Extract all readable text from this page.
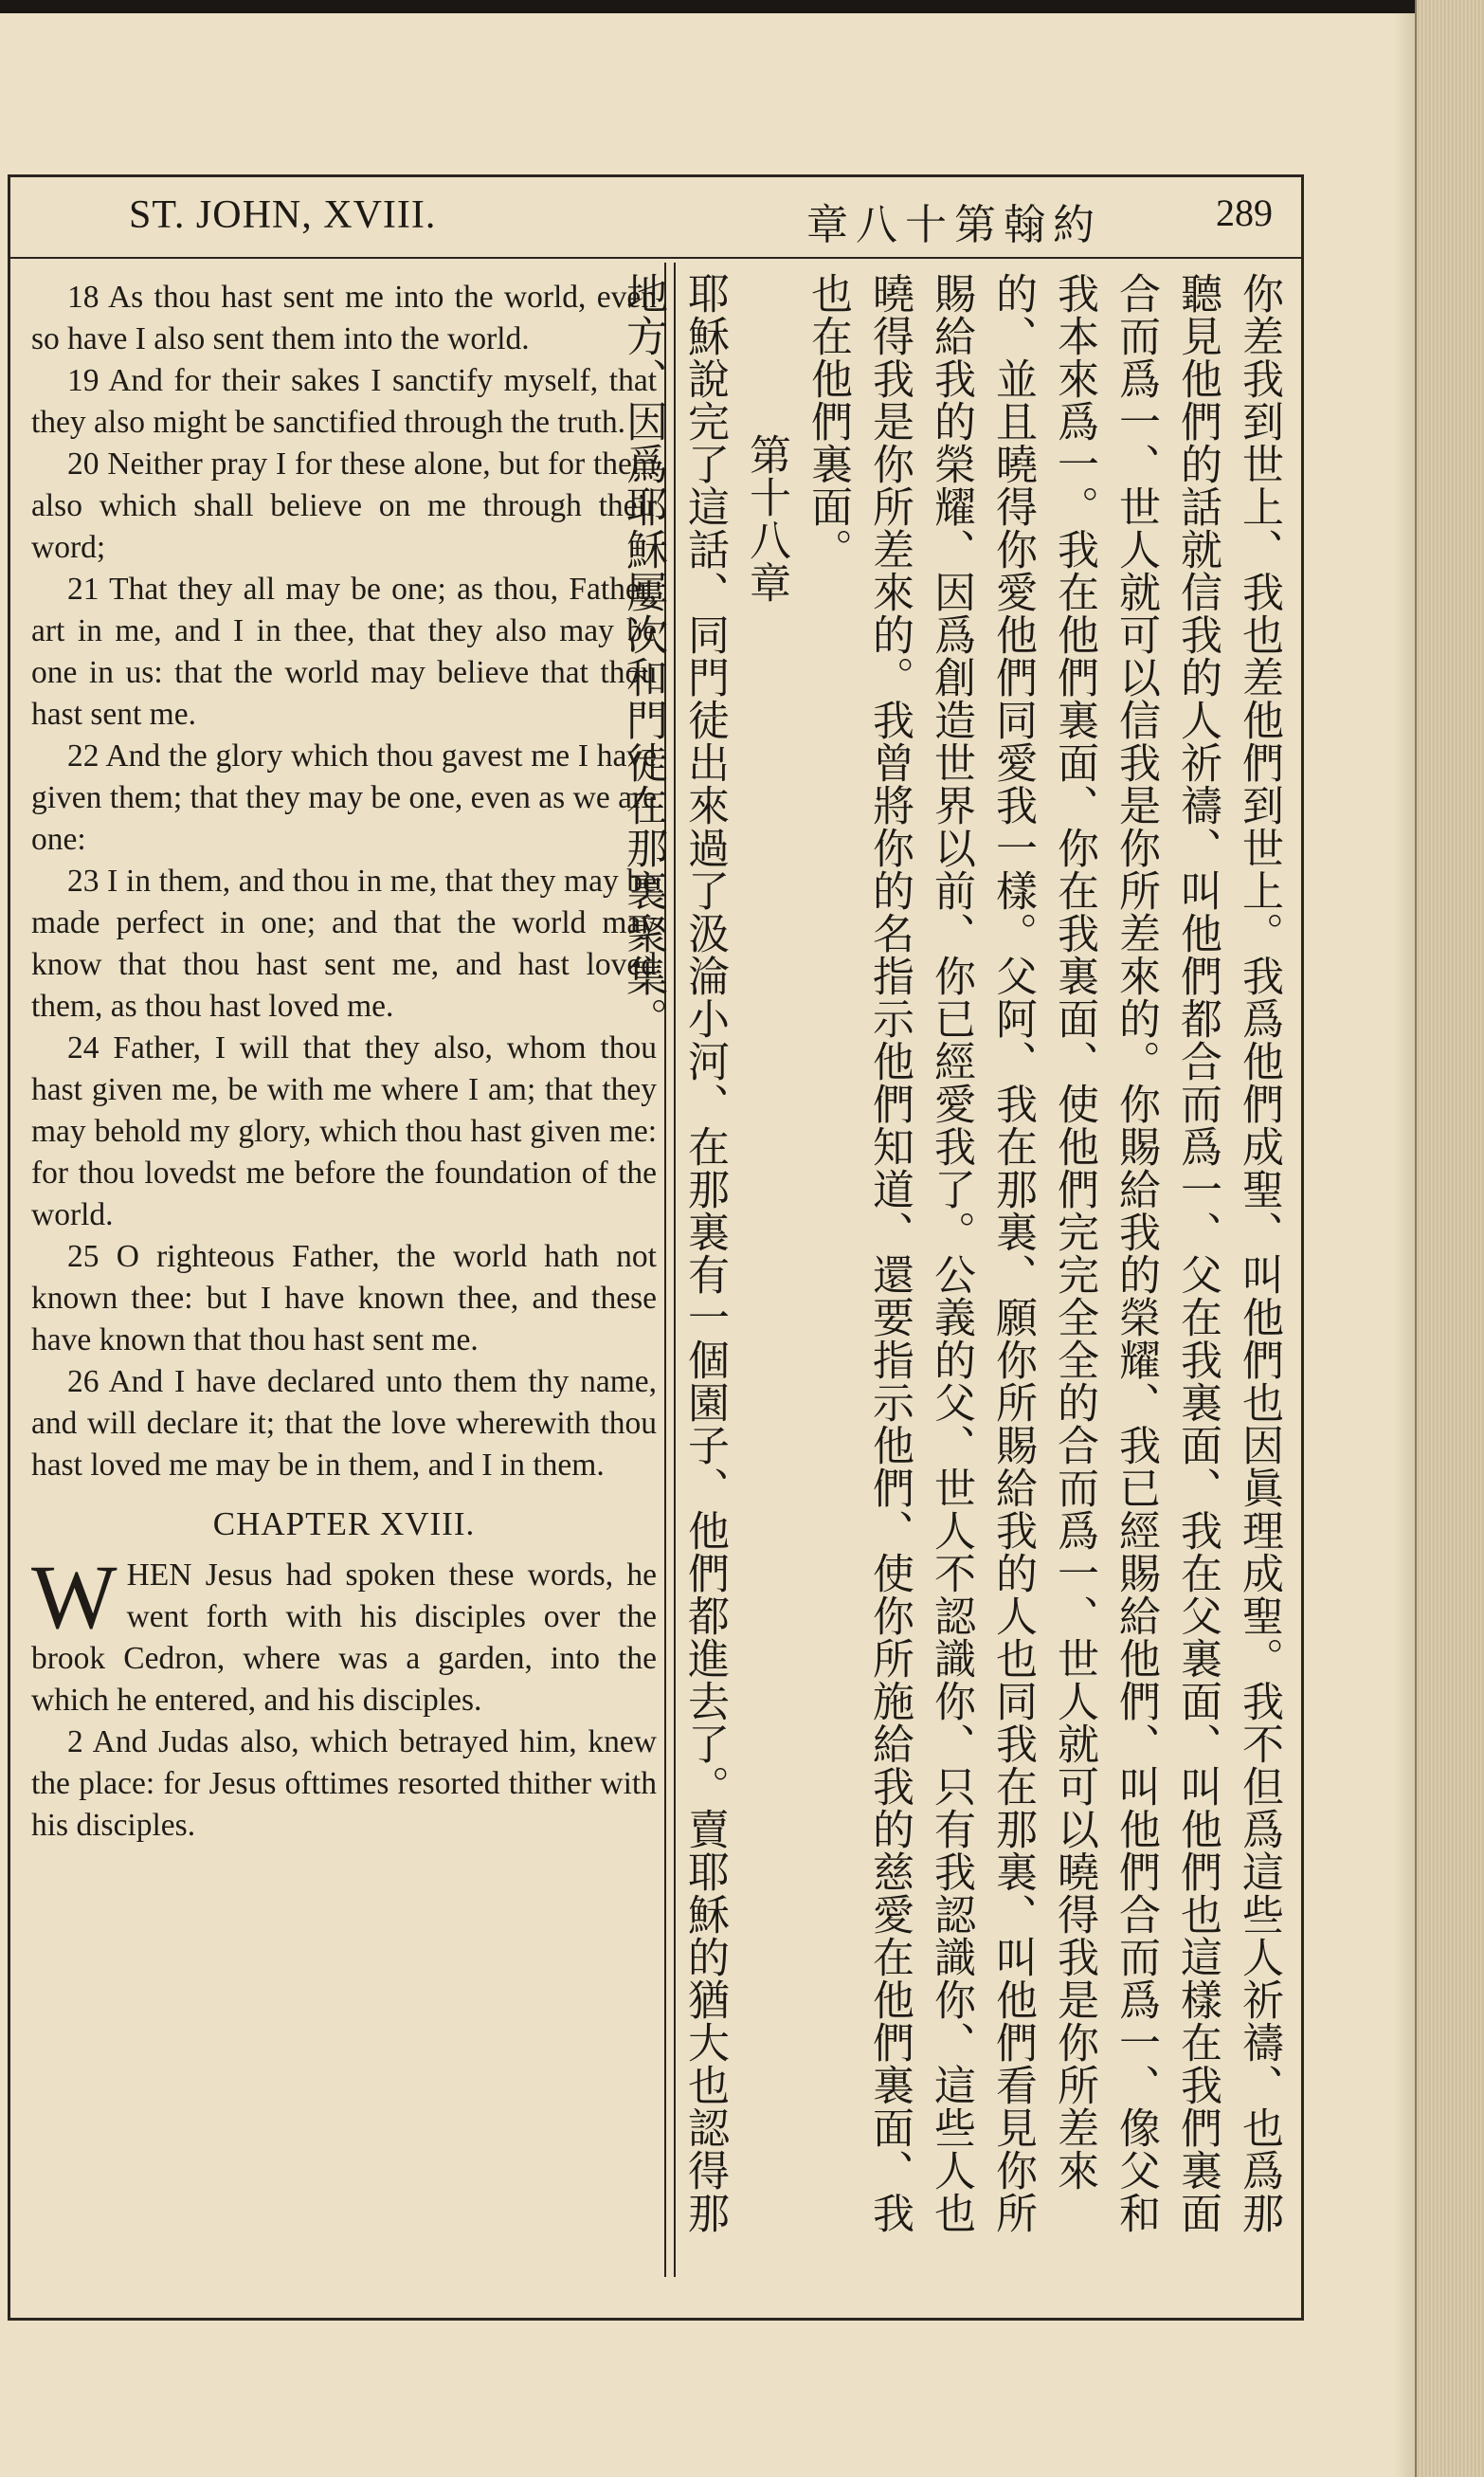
ST. JOHN, XVIII.	章八十第翰約	289

18 As thou hast sent me into the world, even so have I also sent them into the world.

19 And for their sakes I sanctify myself, that they also might be sanctified through the truth.

20 Neither pray I for these alone, but for them also which shall believe on me through their word;

21 That they all may be one; as thou, Father, art in me, and I in thee, that they also may be one in us: that the world may believe that thou hast sent me.

22 And the glory which thou gavest me I have given them; that they may be one, even as we are one:

23 I in them, and thou in me, that they may be made perfect in one; and that the world may know that thou hast sent me, and hast loved them, as thou hast loved me.

24 Father, I will that they also, whom thou hast given me, be with me where I am; that they may behold my glory, which thou hast given me: for thou lovedst me before the foundation of the world.

25 O righteous Father, the world hath not known thee: but I have known thee, and these have known that thou hast sent me.

26 And I have declared unto them thy name, and will declare it; that the love wherewith thou hast loved me may be in them, and I in them.

CHAPTER XVIII.

WHEN Jesus had spoken these words, he went forth with his disciples over the brook Cedron, where was a garden, into the which he entered, and his disciples.

2 And Judas also, which betrayed him, knew the place: for Jesus ofttimes resorted thither with his disciples.	你差我到世上、我也差他們到世上。我爲他們成聖、叫他們也因眞理成聖。我不但爲這些人祈禱、也爲那聽見他們的話就信我的人祈禱、叫他們都合而爲一、父在我裏面、我在父裏面、叫他們也這樣在我們裏面合而爲一、世人就可以信我是你所差來的。你賜給我的榮耀、我已經賜給他們、叫他們合而爲一、像父和我本來爲一。我在他們裏面、你在我裏面、使他們完完全全的合而爲一、世人就可以曉得我是你所差來的、並且曉得你愛他們同愛我一樣。父阿、我在那裏、願你所賜給我的人也同我在那裏、叫他們看見你所賜給我的榮耀、因爲創造世界以前、你已經愛我了。公義的父、世人不認識你、只有我認識你、這些人也曉得我是你所差來的。我曾將你的名指示他們知道、還要指示他們、使你所施給我的慈愛在他們裏面、我也在他們裏面。

第十八章

耶穌說完了這話、同門徒出來過了汲淪小河、在那裏有一個園子、他們都進去了。賣耶穌的猶大也認得那地方、因爲耶穌屢次和門徒在那裏聚集。
